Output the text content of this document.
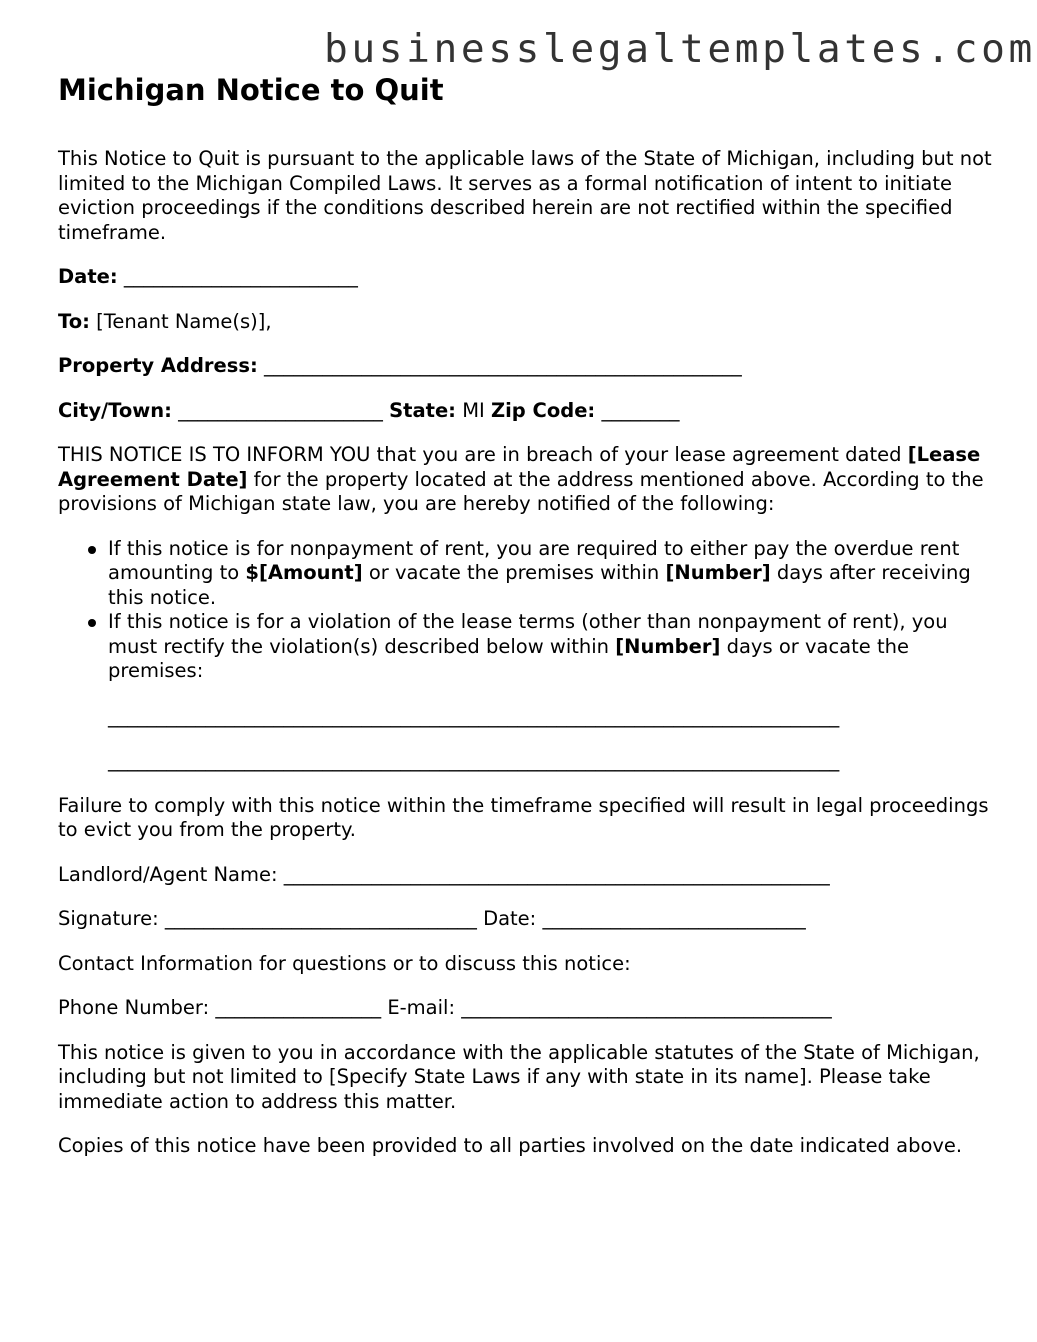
businesslegaltemplates.com
Michigan Notice to Quit

This Notice to Quit is pursuant to the applicable laws of the State of Michigan, including but not limited to the Michigan Compiled Laws. It serves as a formal notification of intent to initiate eviction proceedings if the conditions described herein are not rectified within the specified timeframe.

Date: ________________________
To: [Tenant Name(s)],
Property Address: _________________________________________________
City/Town: _____________________ State: MI Zip Code: ________

THIS NOTICE IS TO INFORM YOU that you are in breach of your lease agreement dated [Lease Agreement Date] for the property located at the address mentioned above. According to the provisions of Michigan state law, you are hereby notified of the following:

If this notice is for nonpayment of rent, you are required to either pay the overdue rent amounting to $[Amount] or vacate the premises within [Number] days after receiving this notice.
If this notice is for a violation of the lease terms (other than nonpayment of rent), you must rectify the violation(s) described below within [Number] days or vacate the premises:
___________________________________________________________________________
___________________________________________________________________________

Failure to comply with this notice within the timeframe specified will result in legal proceedings to evict you from the property.

Landlord/Agent Name: ________________________________________________________
Signature: ________________________________ Date: ___________________________

Contact Information for questions or to discuss this notice:

Phone Number: _________________ E-mail: ______________________________________

This notice is given to you in accordance with the applicable statutes of the State of Michigan, including but not limited to [Specify State Laws if any with state in its name]. Please take immediate action to address this matter.

Copies of this notice have been provided to all parties involved on the date indicated above.
